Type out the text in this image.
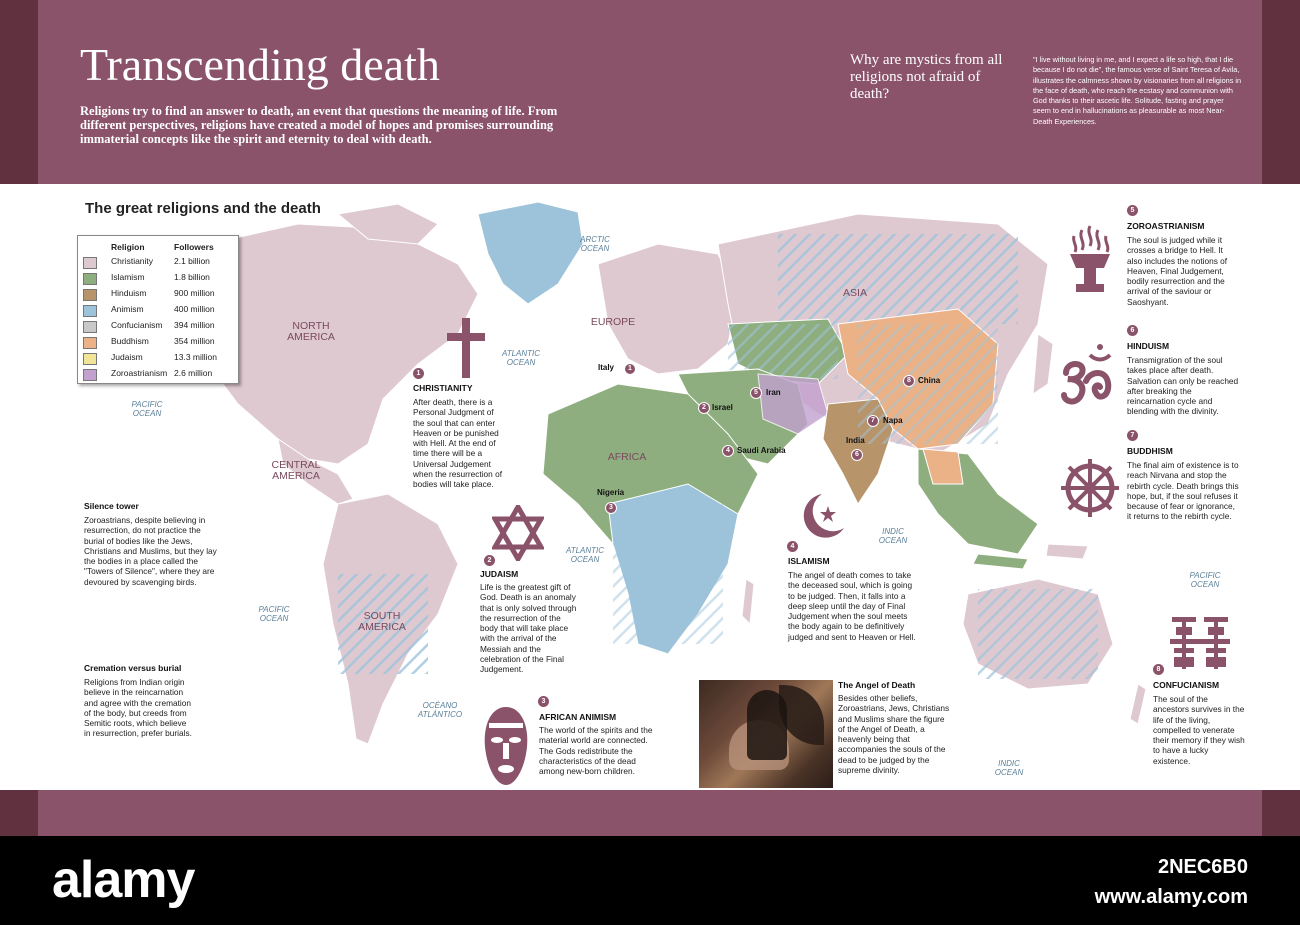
Transcending death
Religions try to find an answer to death, an event that questions the meaning of life. From different perspectives, religions have created a model of hopes and promises surrounding immaterial concepts like the spirit and eternity to deal with death.
Why are mystics from all religions not afraid of death?
"I live without living in me, and I expect a life so high, that I die because I do not die", the famous verse of Saint Teresa of Avila, illustrates the calmness shown by visionaries from all religions in the face of death, who reach the ecstasy and communion with God thanks to their ascetic life. Solitude, fasting and prayer seem to end in hallucinations as pleasurable as most Near-Death Experiences.
The great religions and the death
Religion	Followers
Christianity 2.1 billion
Islamism	1.8 billion
Hinduism	900 million
Animism	400 million
Confucianism 394 million
Buddhism	354 million
Judaism	13.3 million
Zoroastrianism 2.6 million
ARCTIC OCEAN
ATLANTIC OCEAN
PACIFIC OCEAN
PACIFIC OCEAN
ATLANTIC OCEAN
OCÉANO ATLÁNTICO
INDIC OCEAN
INDIC OCEAN
PACIFIC OCEAN
NORTH AMERICA
CENTRAL AMERICA
SOUTH AMERICA
EUROPE
AFRICA
ASIA
Italy	1
2 Israel
Nigeria
3
4 Saudi Arabia
5	Iran
India
6
7	Napa
8 China
1
CHRISTIANITY
After death, there is a Personal Judgment of the soul that can enter Heaven or be punished with Hell. At the end of time there will be a Universal Judgement when the resurrection of bodies will take place.
2
JUDAISM
Life is the greatest gift of God. Death is an anomaly that is only solved through the resurrection of the body that will take place with the arrival of the Messiah and the celebration of the Final Judgement.
3
AFRICAN ANIMISM
The world of the spirits and the material world are connected. The Gods redistribute the characteristics of the dead among new-born children.
4
ISLAMISM
The angel of death comes to take the deceased soul, which is going to be judged. Then, it falls into a deep sleep until the day of Final Judgement when the soul meets the body again to be definitively judged and sent to Heaven or Hell.
The Angel of Death
Besides other beliefs, Zoroastrians, Jews, Christians and Muslims share the figure of the Angel of Death, a heavenly being that accompanies the souls of the dead to be judged by the supreme divinity.
5
ZOROASTRIANISM
The soul is judged while it crosses a bridge to Hell. It also includes the notions of Heaven, Final Judgement, bodily resurrection and the arrival of the saviour or Saoshyant.
6
HINDUISM
Transmigration of the soul takes place after death. Salvation can only be reached after breaking the reincarnation cycle and blending with the divinity.
7
BUDDHISM
The final aim of existence is to reach Nirvana and stop the rebirth cycle. Death brings this hope, but, if the soul refuses it because of fear or ignorance, it returns to the rebirth cycle.
8
CONFUCIANISM
The soul of the ancestors survives in the life of the living, compelled to venerate their memory if they wish to have a lucky existence.
Silence tower
Zoroastrians, despite believing in resurrection, do not practice the burial of bodies like the Jews, Christians and Muslims, but they lay the bodies in a place called the "Towers of Silence", where they are devoured by scavenging birds.
Cremation versus burial
Religions from Indian origin believe in the reincarnation and agree with the cremation of the body, but creeds from Semitic roots, which believe in resurrection, prefer burials.
alamy	2NEC6B0
www.alamy.com
